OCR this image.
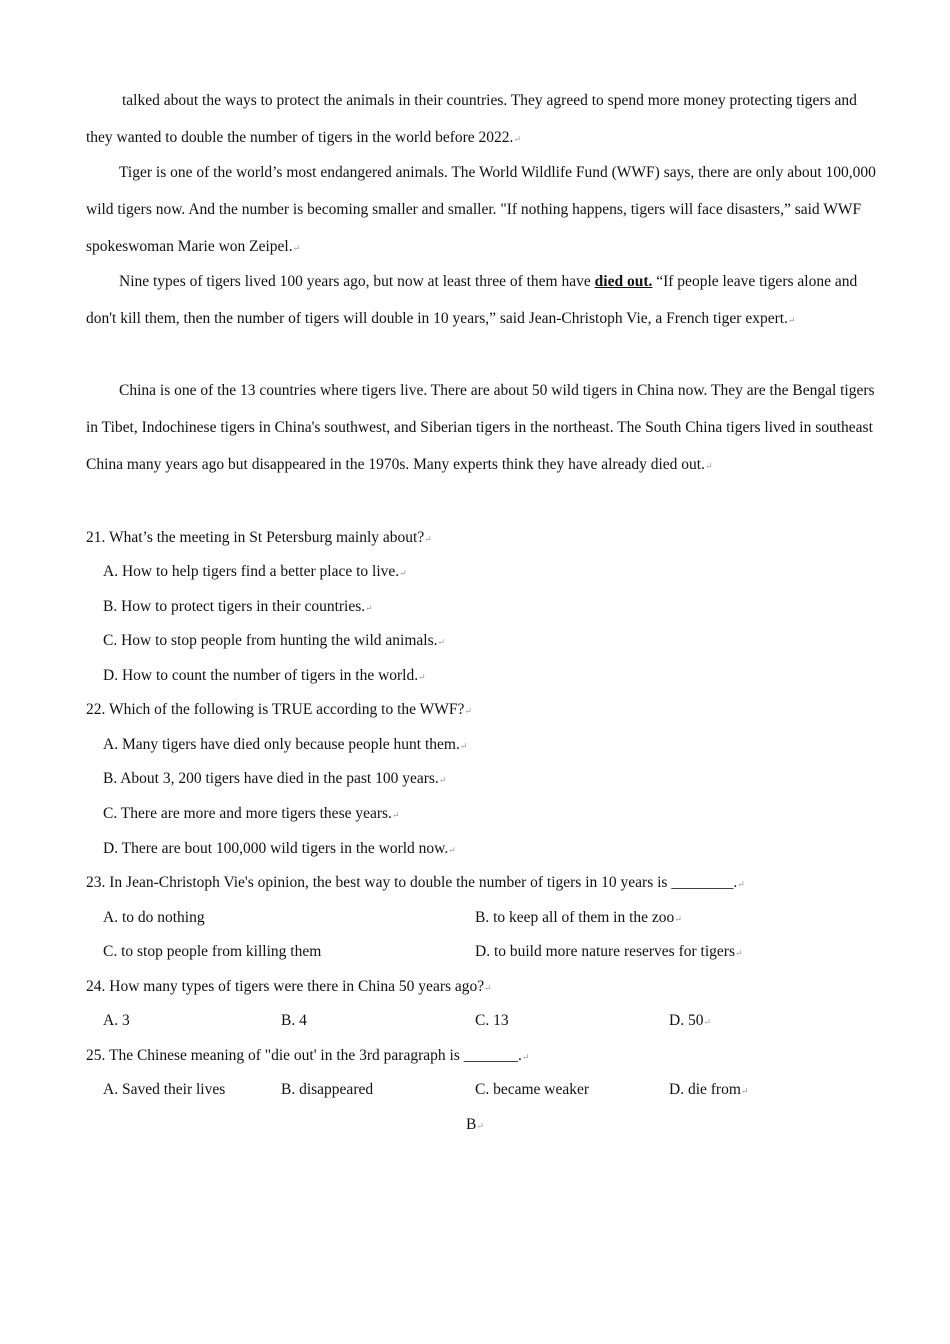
talked about the ways to protect the animals in their countries. They agreed to spend more money protecting tigers and they wanted to double the number of tigers in the world before 2022.↵

Tiger is one of the world’s most endangered animals. The World Wildlife Fund (WWF) says, there are only about 100,000 wild tigers now. And the number is becoming smaller and smaller. "If nothing happens, tigers will face disasters,” said WWF spokeswoman Marie won Zeipel.↵

Nine types of tigers lived 100 years ago, but now at least three of them have died out. “If people leave tigers alone and don't kill them, then the number of tigers will double in 10 years,” said Jean-Christoph Vie, a French tiger expert.↵

China is one of the 13 countries where tigers live. There are about 50 wild tigers in China now. They are the Bengal tigers in Tibet, Indochinese tigers in China's southwest, and Siberian tigers in the northeast. The South China tigers lived in southeast China many years ago but disappeared in the 1970s. Many experts think they have already died out.↵

21. What’s the meeting in St Petersburg mainly about?↵
A. How to help tigers find a better place to live.↵
B. How to protect tigers in their countries.↵
C. How to stop people from hunting the wild animals.↵
D. How to count the number of tigers in the world.↵
22. Which of the following is TRUE according to the WWF?↵
A. Many tigers have died only because people hunt them.↵
B. About 3, 200 tigers have died in the past 100 years.↵
C. There are more and more tigers these years.↵
D. There are bout 100,000 wild tigers in the world now.↵
23. In Jean-Christoph Vie's opinion, the best way to double the number of tigers in 10 years is ________.↵
A. to do nothing	B. to keep all of them in the zoo↵
C. to stop people from killing them	D. to build more nature reserves for tigers↵
24. How many types of tigers were there in China 50 years ago?↵
A. 3	B. 4	C. 13	D. 50↵
25. The Chinese meaning of "die out' in the 3rd paragraph is _______.↵
A. Saved their lives	B. disappeared	C. became weaker	D. die from↵
B↵
